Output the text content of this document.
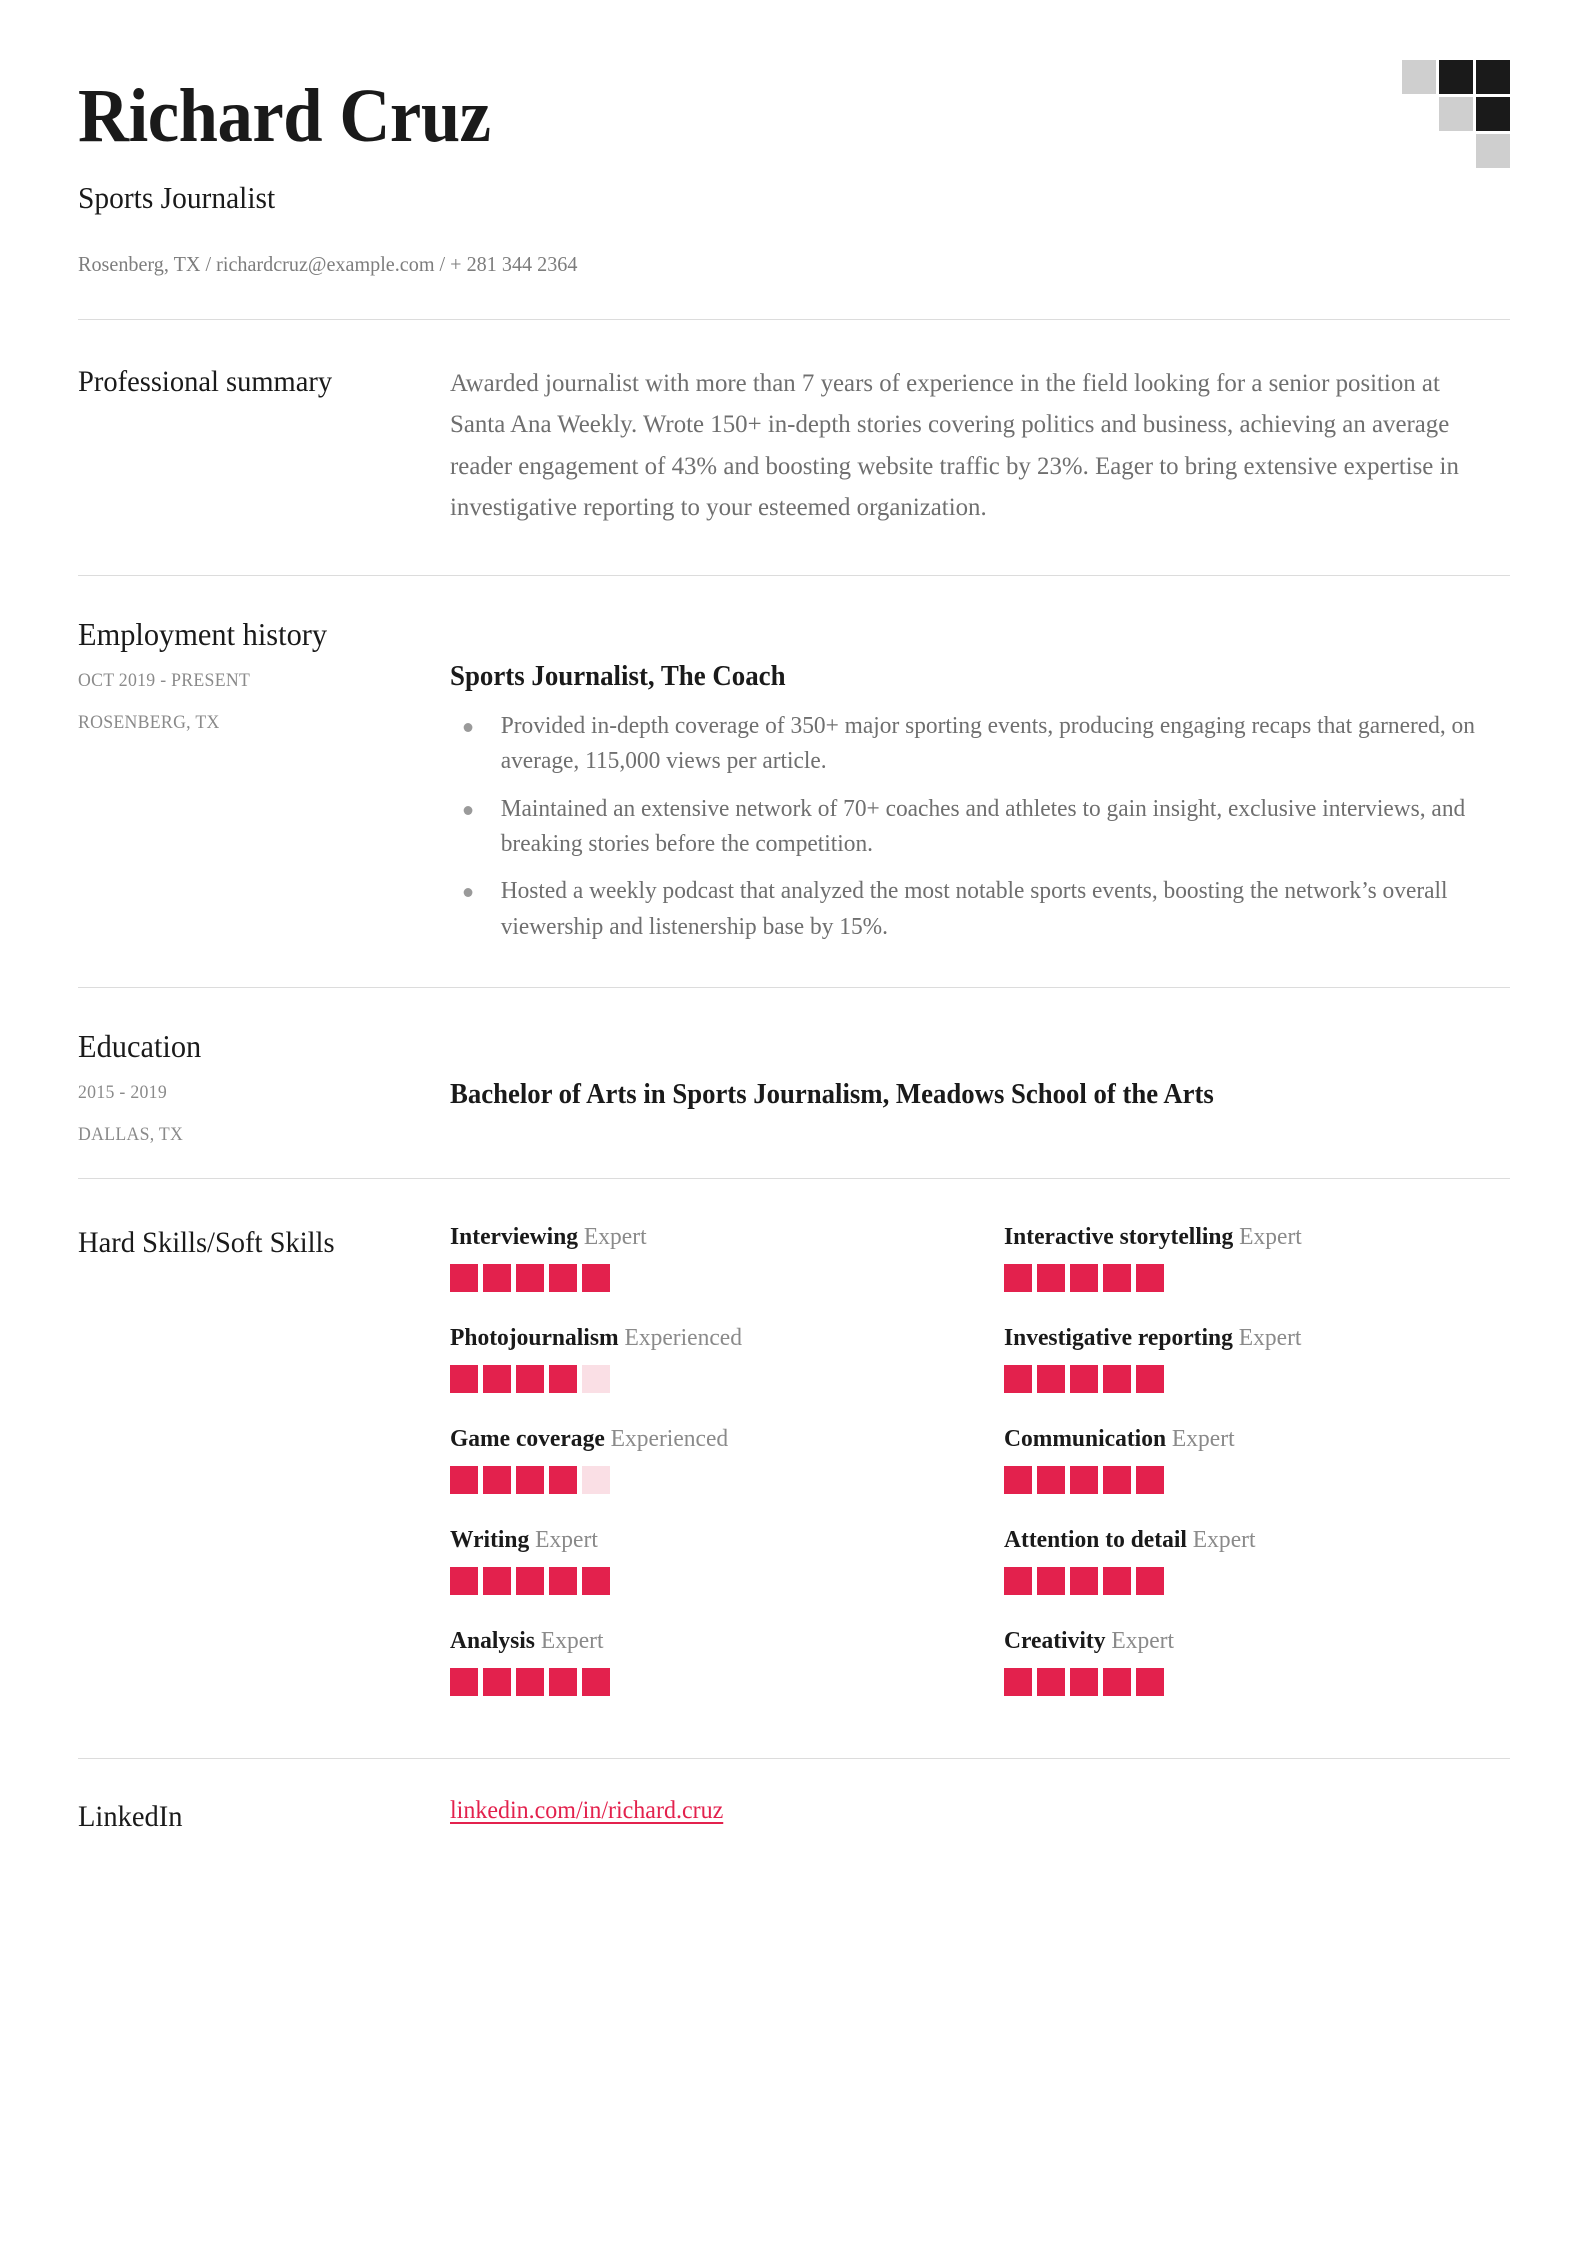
Richard Cruz
Sports Journalist
Rosenberg, TX / richardcruz@example.com / + 281 344 2364
Professional summary	Awarded journalist with more than 7 years of experience in the field looking for a senior position at Santa Ana Weekly. Wrote 150+ in-depth stories covering politics and business, achieving an average reader engagement of 43% and boosting website traffic by 23%. Eager to bring extensive expertise in investigative reporting to your esteemed organization.
Employment history
OCT 2019 - PRESENT
ROSENBERG, TX
Sports Journalist, The Coach
Provided in-depth coverage of 350+ major sporting events, producing engaging recaps that garnered, on average, 115,000 views per article.
Maintained an extensive network of 70+ coaches and athletes to gain insight, exclusive interviews, and breaking stories before the competition.
Hosted a weekly podcast that analyzed the most notable sports events, boosting the network’s overall viewership and listenership base by 15%.
Education
2015 - 2019
DALLAS, TX
Bachelor of Arts in Sports Journalism, Meadows School of the Arts
Hard Skills/Soft Skills	Interviewing Expert	Interactive storytelling Expert
Photojournalism Experienced	Investigative reporting Expert
Game coverage Experienced	Communication Expert
Writing Expert	Attention to detail Expert
Analysis Expert	Creativity Expert
LinkedIn	linkedin.com/in/richard.cruz
